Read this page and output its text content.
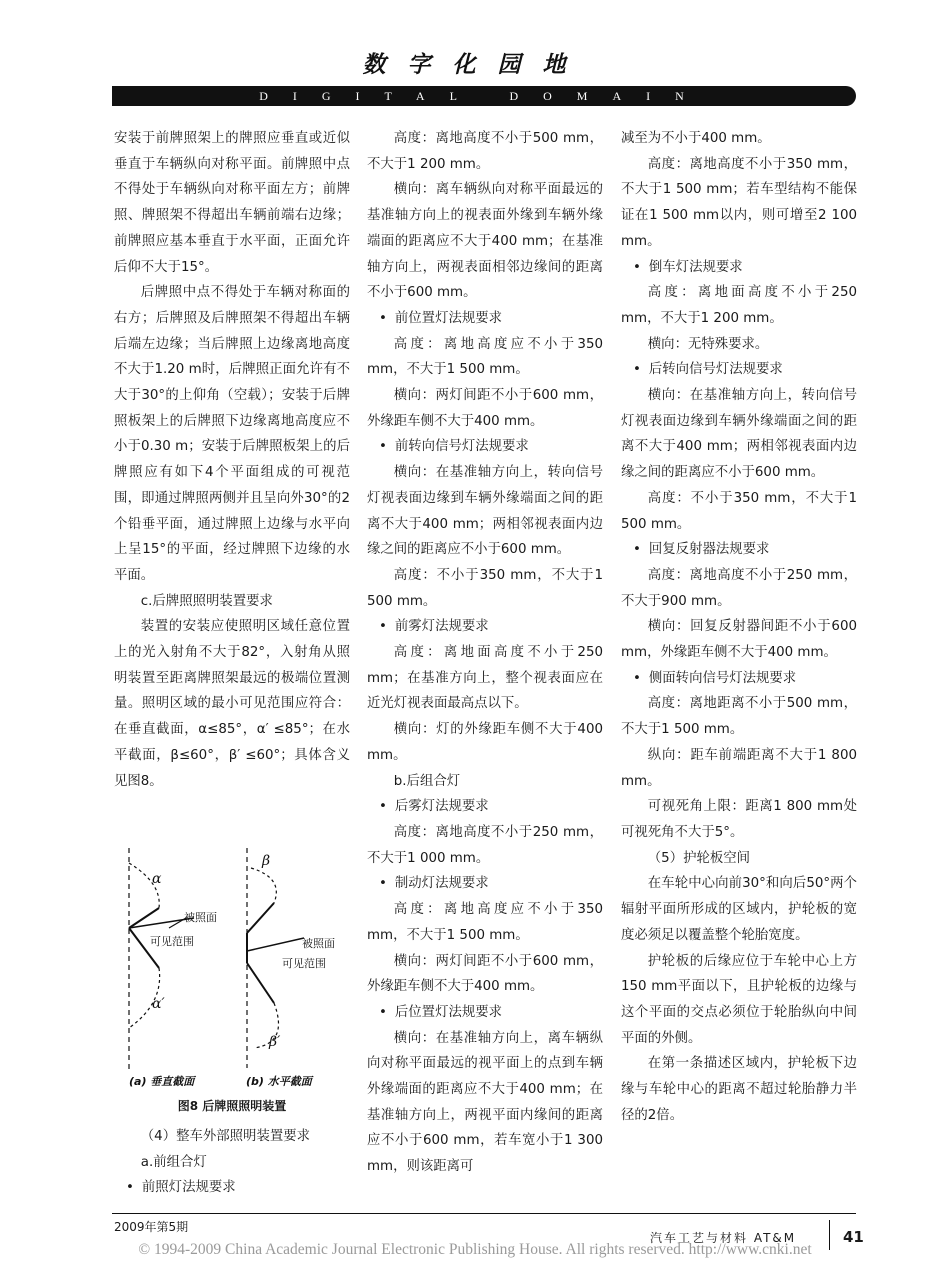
数字化园地
DIGITAL DOMAIN

安装于前牌照架上的牌照应垂直或近似垂直于车辆纵向对称平面。前牌照中点不得处于车辆纵向对称平面左方；前牌照、牌照架不得超出车辆前端右边缘；前牌照应基本垂直于水平面，正面允许后仰不大于15°。

后牌照中点不得处于车辆对称面的右方；后牌照及后牌照架不得超出车辆后端左边缘；当后牌照上边缘离地高度不大于1.20 m时，后牌照正面允许有不大于30°的上仰角（空载）；安装于后牌照板架上的后牌照下边缘离地高度应不小于0.30 m；安装于后牌照板架上的后牌照应有如下4个平面组成的可视范围，即通过牌照两侧并且呈向外30°的2个铅垂平面，通过牌照上边缘与水平向上呈15°的平面，经过牌照下边缘的水平面。

c.后牌照照明装置要求

装置的安装应使照明区域任意位置上的光入射角不大于82°，入射角从照明装置至距离牌照架最远的极端位置测量。照明区域的最小可见范围应符合：在垂直截面，α≤85°，α′ ≤85°；在水平截面，β≤60°，β′ ≤60°；具体含义见图8。

α
α′
β
β′
被照面
可见范围	被照面
可见范围
(a) 垂直截面	(b) 水平截面
图8 后牌照照明装置

（4）整车外部照明装置要求

a.前组合灯

• 前照灯法规要求

高度：离地高度不小于500 mm，不大于1 200 mm。

横向：离车辆纵向对称平面最远的基准轴方向上的视表面外缘到车辆外缘端面的距离应不大于400 mm；在基准轴方向上，两视表面相邻边缘间的距离不小于600 mm。

• 前位置灯法规要求

高度：离地高度应不小于350 mm，不大于1 500 mm。

横向：两灯间距不小于600 mm，外缘距车侧不大于400 mm。

• 前转向信号灯法规要求

横向：在基准轴方向上，转向信号灯视表面边缘到车辆外缘端面之间的距离不大于400 mm；两相邻视表面内边缘之间的距离应不小于600 mm。

高度：不小于350 mm，不大于1 500 mm。

• 前雾灯法规要求

高度：离地面高度不小于250 mm；在基准方向上，整个视表面应在近光灯视表面最高点以下。

横向：灯的外缘距车侧不大于400 mm。

b.后组合灯

• 后雾灯法规要求

高度：离地高度不小于250 mm，不大于1 000 mm。

• 制动灯法规要求

高度：离地高度应不小于350 mm，不大于1 500 mm。

横向：两灯间距不小于600 mm，外缘距车侧不大于400 mm。

• 后位置灯法规要求

横向：在基准轴方向上，离车辆纵向对称平面最远的视平面上的点到车辆外缘端面的距离应不大于400 mm；在基准轴方向上，两视平面内缘间的距离应不小于600 mm，若车宽小于1 300 mm，则该距离可

减至为不小于400 mm。

高度：离地高度不小于350 mm，不大于1 500 mm；若车型结构不能保证在1 500 mm以内，则可增至2 100 mm。

• 倒车灯法规要求

高度：离地面高度不小于250 mm，不大于1 200 mm。

横向：无特殊要求。

• 后转向信号灯法规要求

横向：在基准轴方向上，转向信号灯视表面边缘到车辆外缘端面之间的距离不大于400 mm；两相邻视表面内边缘之间的距离应不小于600 mm。

高度：不小于350 mm，不大于1 500 mm。

• 回复反射器法规要求

高度：离地高度不小于250 mm，不大于900 mm。

横向：回复反射器间距不小于600 mm，外缘距车侧不大于400 mm。

• 侧面转向信号灯法规要求

高度：离地距离不小于500 mm，不大于1 500 mm。

纵向：距车前端距离不大于1 800 mm。

可视死角上限：距离1 800 mm处可视死角不大于5°。

（5）护轮板空间

在车轮中心向前30°和向后50°两个辐射平面所形成的区域内，护轮板的宽度必须足以覆盖整个轮胎宽度。

护轮板的后缘应位于车轮中心上方150 mm平面以下，且护轮板的边缘与这个平面的交点必须位于轮胎纵向中间平面的外侧。

在第一条描述区域内，护轮板下边缘与车轮中心的距离不超过轮胎静力半径的2倍。

2009年第5期
汽车工艺与材料 AT&M	41
© 1994-2009 China Academic Journal Electronic Publishing House. All rights reserved. http://www.cnki.net
